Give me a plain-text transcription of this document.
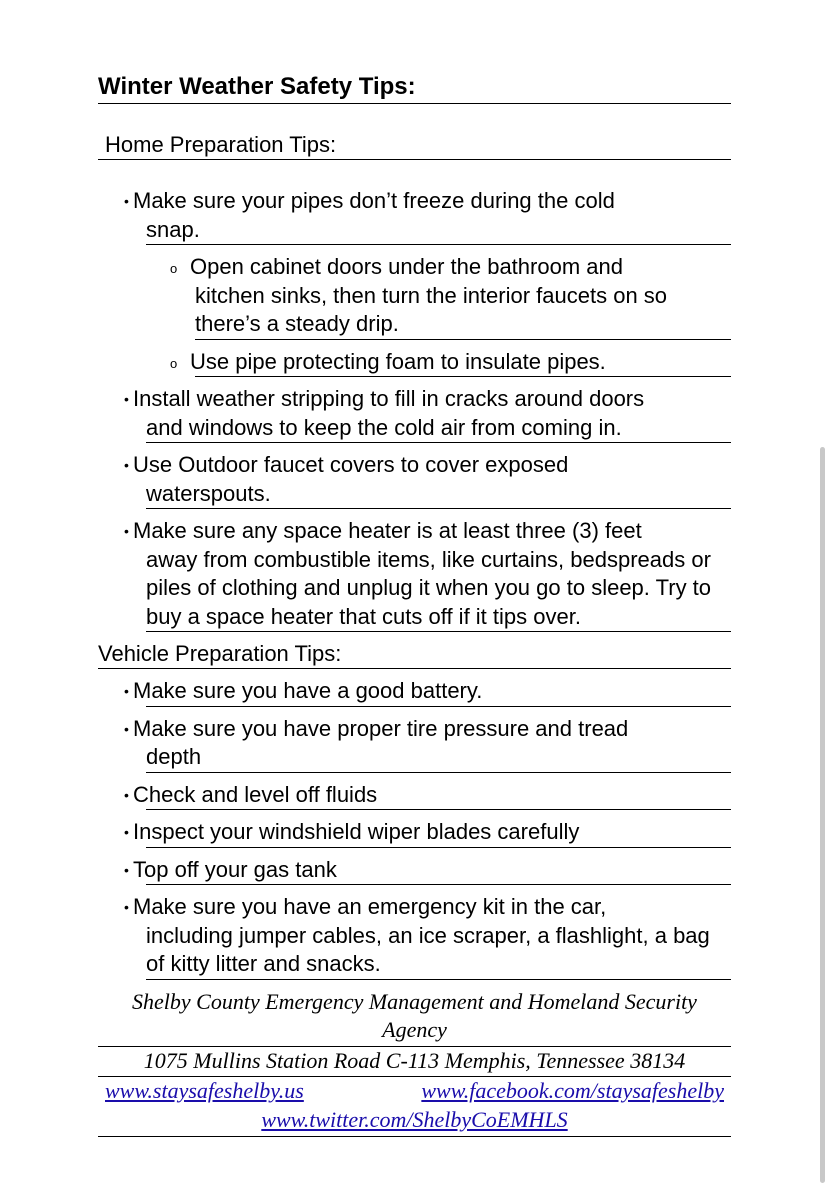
Winter Weather Safety Tips:
Home Preparation Tips:
• Make sure your pipes don’t freeze during the cold
snap.
o Open cabinet doors under the bathroom and
kitchen sinks, then turn the interior faucets on so there’s a steady drip.
o Use pipe protecting foam to insulate pipes.
• Install weather stripping to fill in cracks around doors
and windows to keep the cold air from coming in.
• Use Outdoor faucet covers to cover exposed
waterspouts.
• Make sure any space heater is at least three (3) feet
away from combustible items, like curtains, bedspreads or piles of clothing and unplug it when you go to sleep. Try to buy a space heater that cuts off if it tips over.
Vehicle Preparation Tips:
• Make sure you have a good battery.
• Make sure you have proper tire pressure and tread
depth
• Check and level off fluids
• Inspect your windshield wiper blades carefully
• Top off your gas tank
• Make sure you have an emergency kit in the car,
including jumper cables, an ice scraper, a flashlight, a bag of kitty litter and snacks.
Shelby County Emergency Management and Homeland Security Agency
1075 Mullins Station Road C-113 Memphis, Tennessee 38134
www.staysafeshelby.us	www.facebook.com/staysafeshelby
www.twitter.com/ShelbyCoEMHLS
